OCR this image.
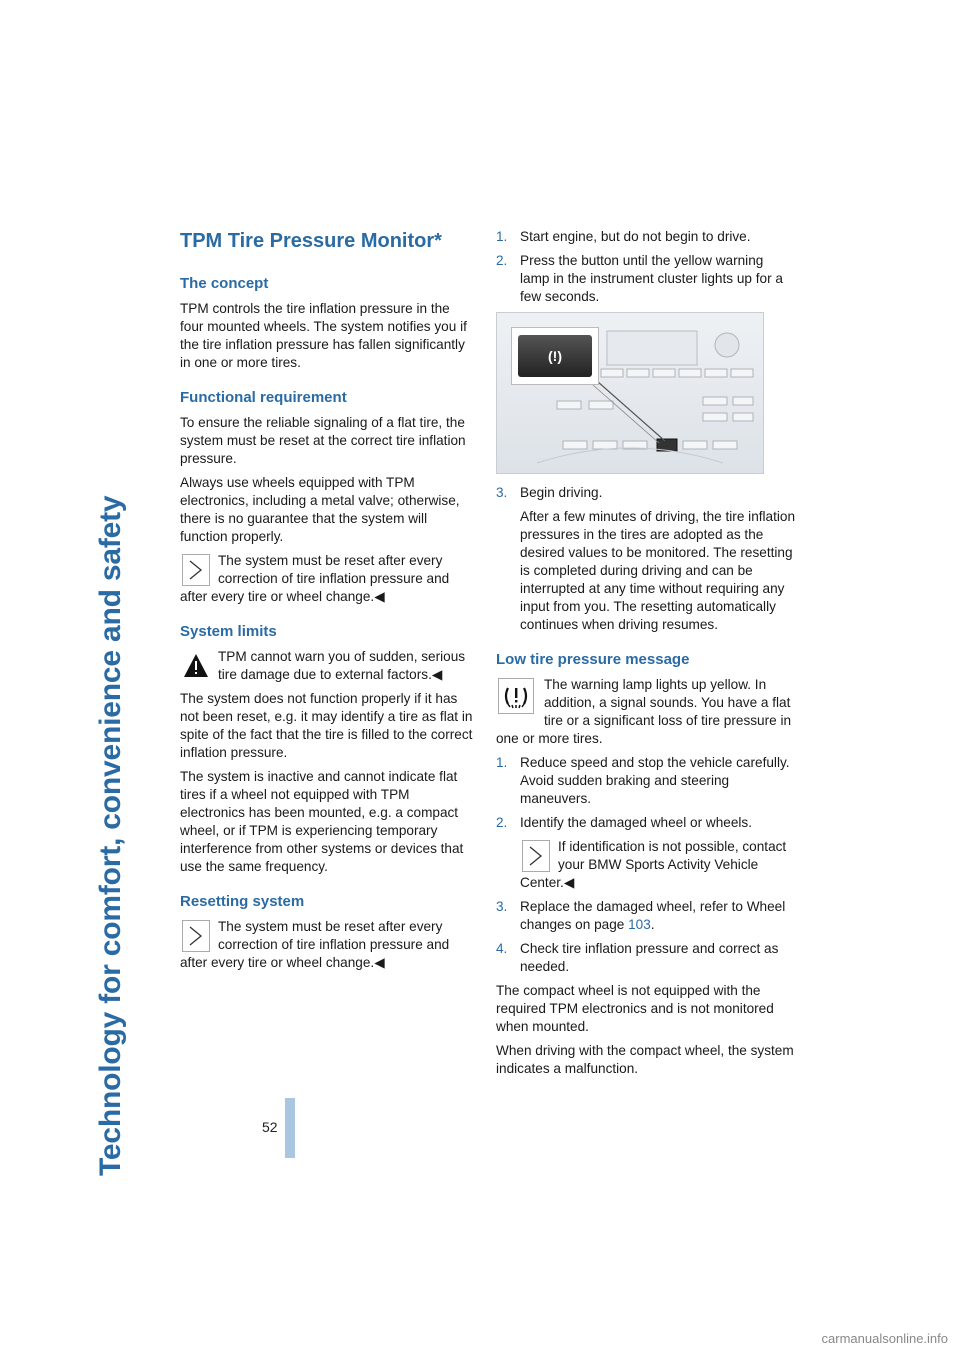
Technology for comfort, convenience and safety
TPM Tire Pressure Monitor*
The concept

TPM controls the tire inflation pressure in the four mounted wheels. The system notifies you if the tire inflation pressure has fallen significantly in one or more tires.

Functional requirement

To ensure the reliable signaling of a flat tire, the system must be reset at the correct tire inflation pressure.

Always use wheels equipped with TPM electronics, including a metal valve; otherwise, there is no guarantee that the system will function properly.

The system must be reset after every correction of tire inflation pressure and after every tire or wheel change.◀
System limits
TPM cannot warn you of sudden, serious tire damage due to external factors.◀

The system does not function properly if it has not been reset, e.g. it may identify a tire as flat in spite of the fact that the tire is filled to the correct inflation pressure.

The system is inactive and cannot indicate flat tires if a wheel not equipped with TPM electronics has been mounted, e.g. a compact wheel, or if TPM is experiencing temporary interference from other systems or devices that use the same frequency.

Resetting system
The system must be reset after every correction of tire inflation pressure and after every tire or wheel change.◀
1. Start engine, but do not begin to drive.
2. Press the button until the yellow warning lamp in the instrument cluster lights up for a few seconds.
(!)
3. Begin driving.

After a few minutes of driving, the tire inflation pressures in the tires are adopted as the desired values to be monitored. The resetting is completed during driving and can be interrupted at any time without requiring any input from you. The resetting automatically continues when driving resumes.

Low tire pressure message
The warning lamp lights up yellow. In addition, a signal sounds. You have a flat tire or a significant loss of tire pressure in one or more tires.
1. Reduce speed and stop the vehicle carefully. Avoid sudden braking and steering maneuvers.
2. Identify the damaged wheel or wheels.
If identification is not possible, contact your BMW Sports Activity Vehicle Center.◀
3. Replace the damaged wheel, refer to Wheel changes on page 103.
4. Check tire inflation pressure and correct as needed.

The compact wheel is not equipped with the required TPM electronics and is not monitored when mounted.

When driving with the compact wheel, the system indicates a malfunction.

52
carmanualsonline.info
